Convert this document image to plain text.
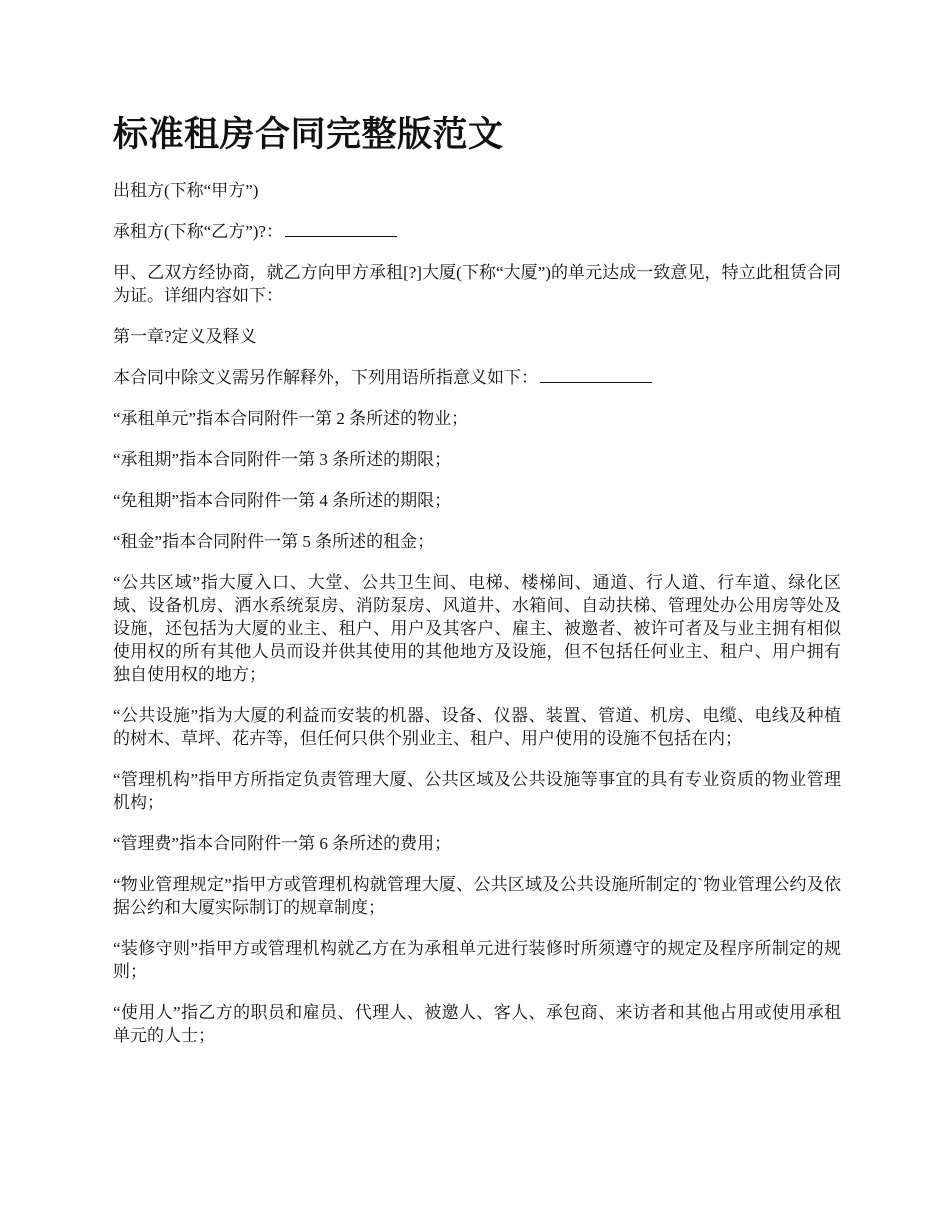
标准租房合同完整版范文

出租方(下称“甲方”)

承租方(下称“乙方”)?：

甲、乙双方经协商，就乙方向甲方承租[?]大厦(下称“大厦”)的单元达成一致意见，特立此租赁合同为证。详细内容如下：

第一章?定义及释义

本合同中除文义需另作解释外，下列用语所指意义如下：

“承租单元”指本合同附件一第 2 条所述的物业；

“承租期”指本合同附件一第 3 条所述的期限；

“免租期”指本合同附件一第 4 条所述的期限；

“租金”指本合同附件一第 5 条所述的租金；

“公共区域”指大厦入口、大堂、公共卫生间、电梯、楼梯间、通道、行人道、行车道、绿化区域、设备机房、洒水系统泵房、消防泵房、风道井、水箱间、自动扶梯、管理处办公用房等处及设施，还包括为大厦的业主、租户、用户及其客户、雇主、被邀者、被许可者及与业主拥有相似使用权的所有其他人员而设并供其使用的其他地方及设施，但不包括任何业主、租户、用户拥有独自使用权的地方；

“公共设施”指为大厦的利益而安装的机器、设备、仪器、装置、管道、机房、电缆、电线及种植的树木、草坪、花卉等，但任何只供个别业主、租户、用户使用的设施不包括在内；

“管理机构”指甲方所指定负责管理大厦、公共区域及公共设施等事宜的具有专业资质的物业管理机构；

“管理费”指本合同附件一第 6 条所述的费用；

“物业管理规定”指甲方或管理机构就管理大厦、公共区域及公共设施所制定的`物业管理公约及依据公约和大厦实际制订的规章制度；

“装修守则”指甲方或管理机构就乙方在为承租单元进行装修时所须遵守的规定及程序所制定的规则；

“使用人”指乙方的职员和雇员、代理人、被邀人、客人、承包商、来访者和其他占用或使用承租单元的人士；
